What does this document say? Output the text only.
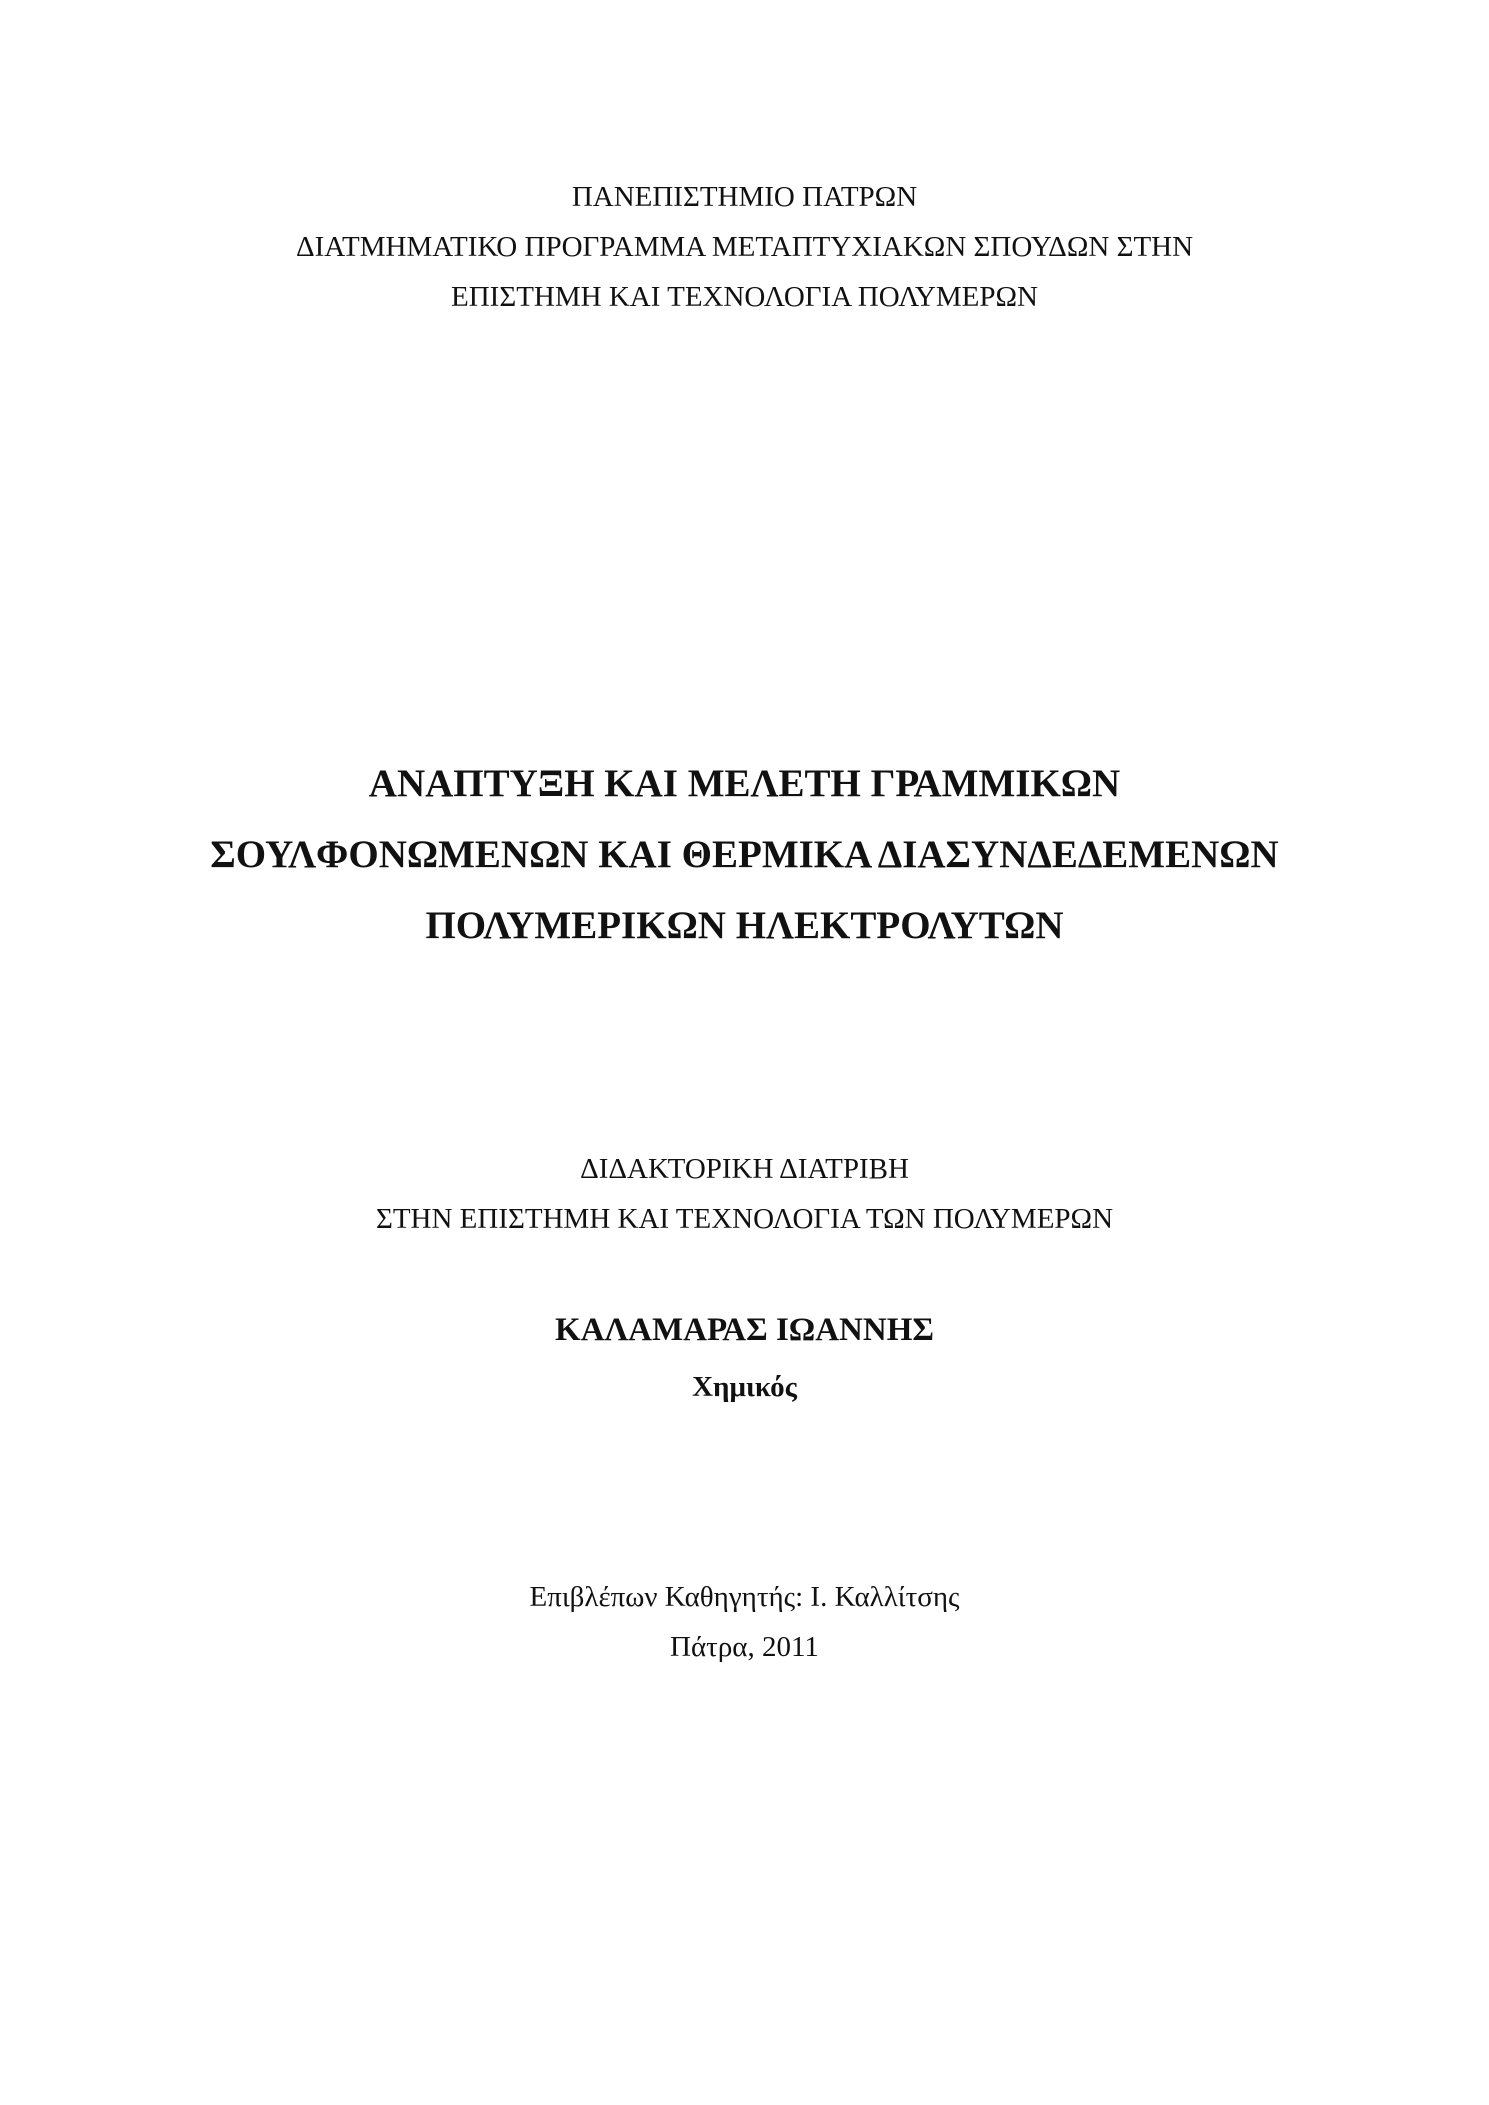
ΠΑΝΕΠΙΣΤΗΜΙΟ ΠΑΤΡΩΝ
ΔΙΑΤΜΗΜΑΤΙΚΟ ΠΡΟΓΡΑΜΜΑ ΜΕΤΑΠΤΥΧΙΑΚΩΝ ΣΠΟΥΔΩΝ ΣΤΗΝ
ΕΠΙΣΤΗΜΗ ΚΑΙ ΤΕΧΝΟΛΟΓΙΑ ΠΟΛΥΜΕΡΩΝ
ΑΝΑΠΤΥΞΗ ΚΑΙ ΜΕΛΕΤΗ ΓΡΑΜΜΙΚΩΝ
ΣΟΥΛΦΟΝΩΜΕΝΩΝ ΚΑΙ ΘΕΡΜΙΚΑ ΔΙΑΣΥΝΔΕΔΕΜΕΝΩΝ
ΠΟΛΥΜΕΡΙΚΩΝ ΗΛΕΚΤΡΟΛΥΤΩΝ
ΔΙΔΑΚΤΟΡΙΚΗ ΔΙΑΤΡΙΒΗ
ΣΤΗΝ ΕΠΙΣΤΗΜΗ ΚΑΙ ΤΕΧΝΟΛΟΓΙΑ ΤΩΝ ΠΟΛΥΜΕΡΩΝ
ΚΑΛΑΜΑΡΑΣ ΙΩΑΝΝΗΣ
Χημικός
Επιβλέπων Καθηγητής: Ι. Καλλίτσης
Πάτρα, 2011
